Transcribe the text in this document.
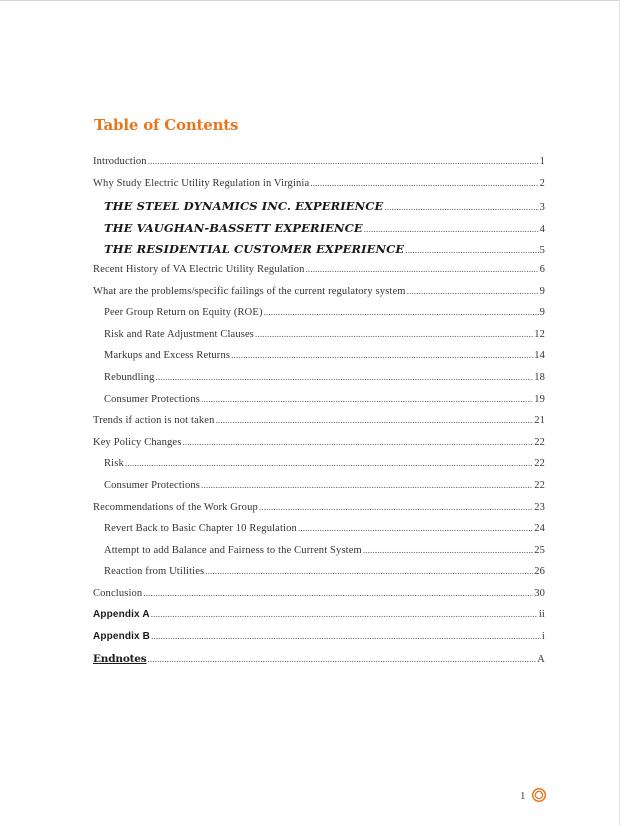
Table of Contents
Introduction .....	1
Why Study Electric Utility Regulation in Virginia .....	2
THE STEEL DYNAMICS INC. EXPERIENCE .....	3
THE VAUGHAN-BASSETT EXPERIENCE .....	4
THE RESIDENTIAL CUSTOMER EXPERIENCE .....	5
Recent History of VA Electric Utility Regulation .....	6
What are the problems/specific failings of the current regulatory system .....	9
Peer Group Return on Equity (ROE) .....	9
Risk and Rate Adjustment Clauses .....	12
Markups and Excess Returns .....	14
Rebundling .....	18
Consumer Protections .....	19
Trends if action is not taken .....	21
Key Policy Changes .....	22
Risk .....	22
Consumer Protections .....	22
Recommendations of the Work Group .....	23
Revert Back to Basic Chapter 10 Regulation .....	24
Attempt to add Balance and Fairness to the Current System .....	25
Reaction from Utilities .....	26
Conclusion .....	30
Appendix A .....	ii
Appendix B .....	i
Endnotes .....	A
1
